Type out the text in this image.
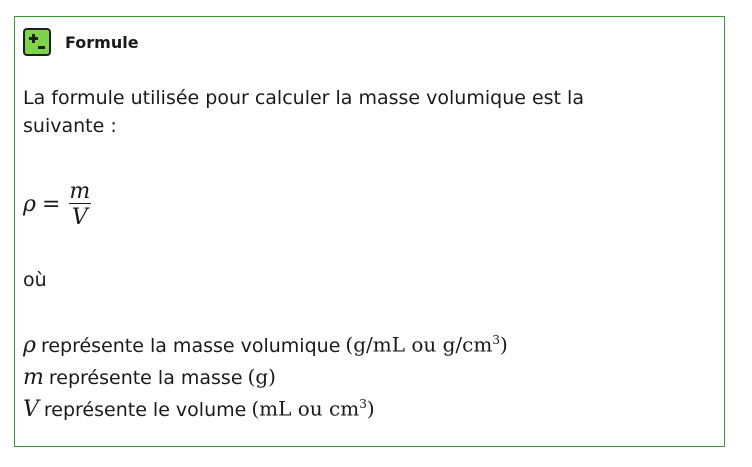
Formule
La formule utilisée pour calculer la masse volumique est la suivante :
$\rho = \frac{m}{V}$
où
ρ représente la masse volumique (g/mL ou $g/cm^3$)
m représente la masse (g)
V représente le volume (mL ou $cm^3$)
